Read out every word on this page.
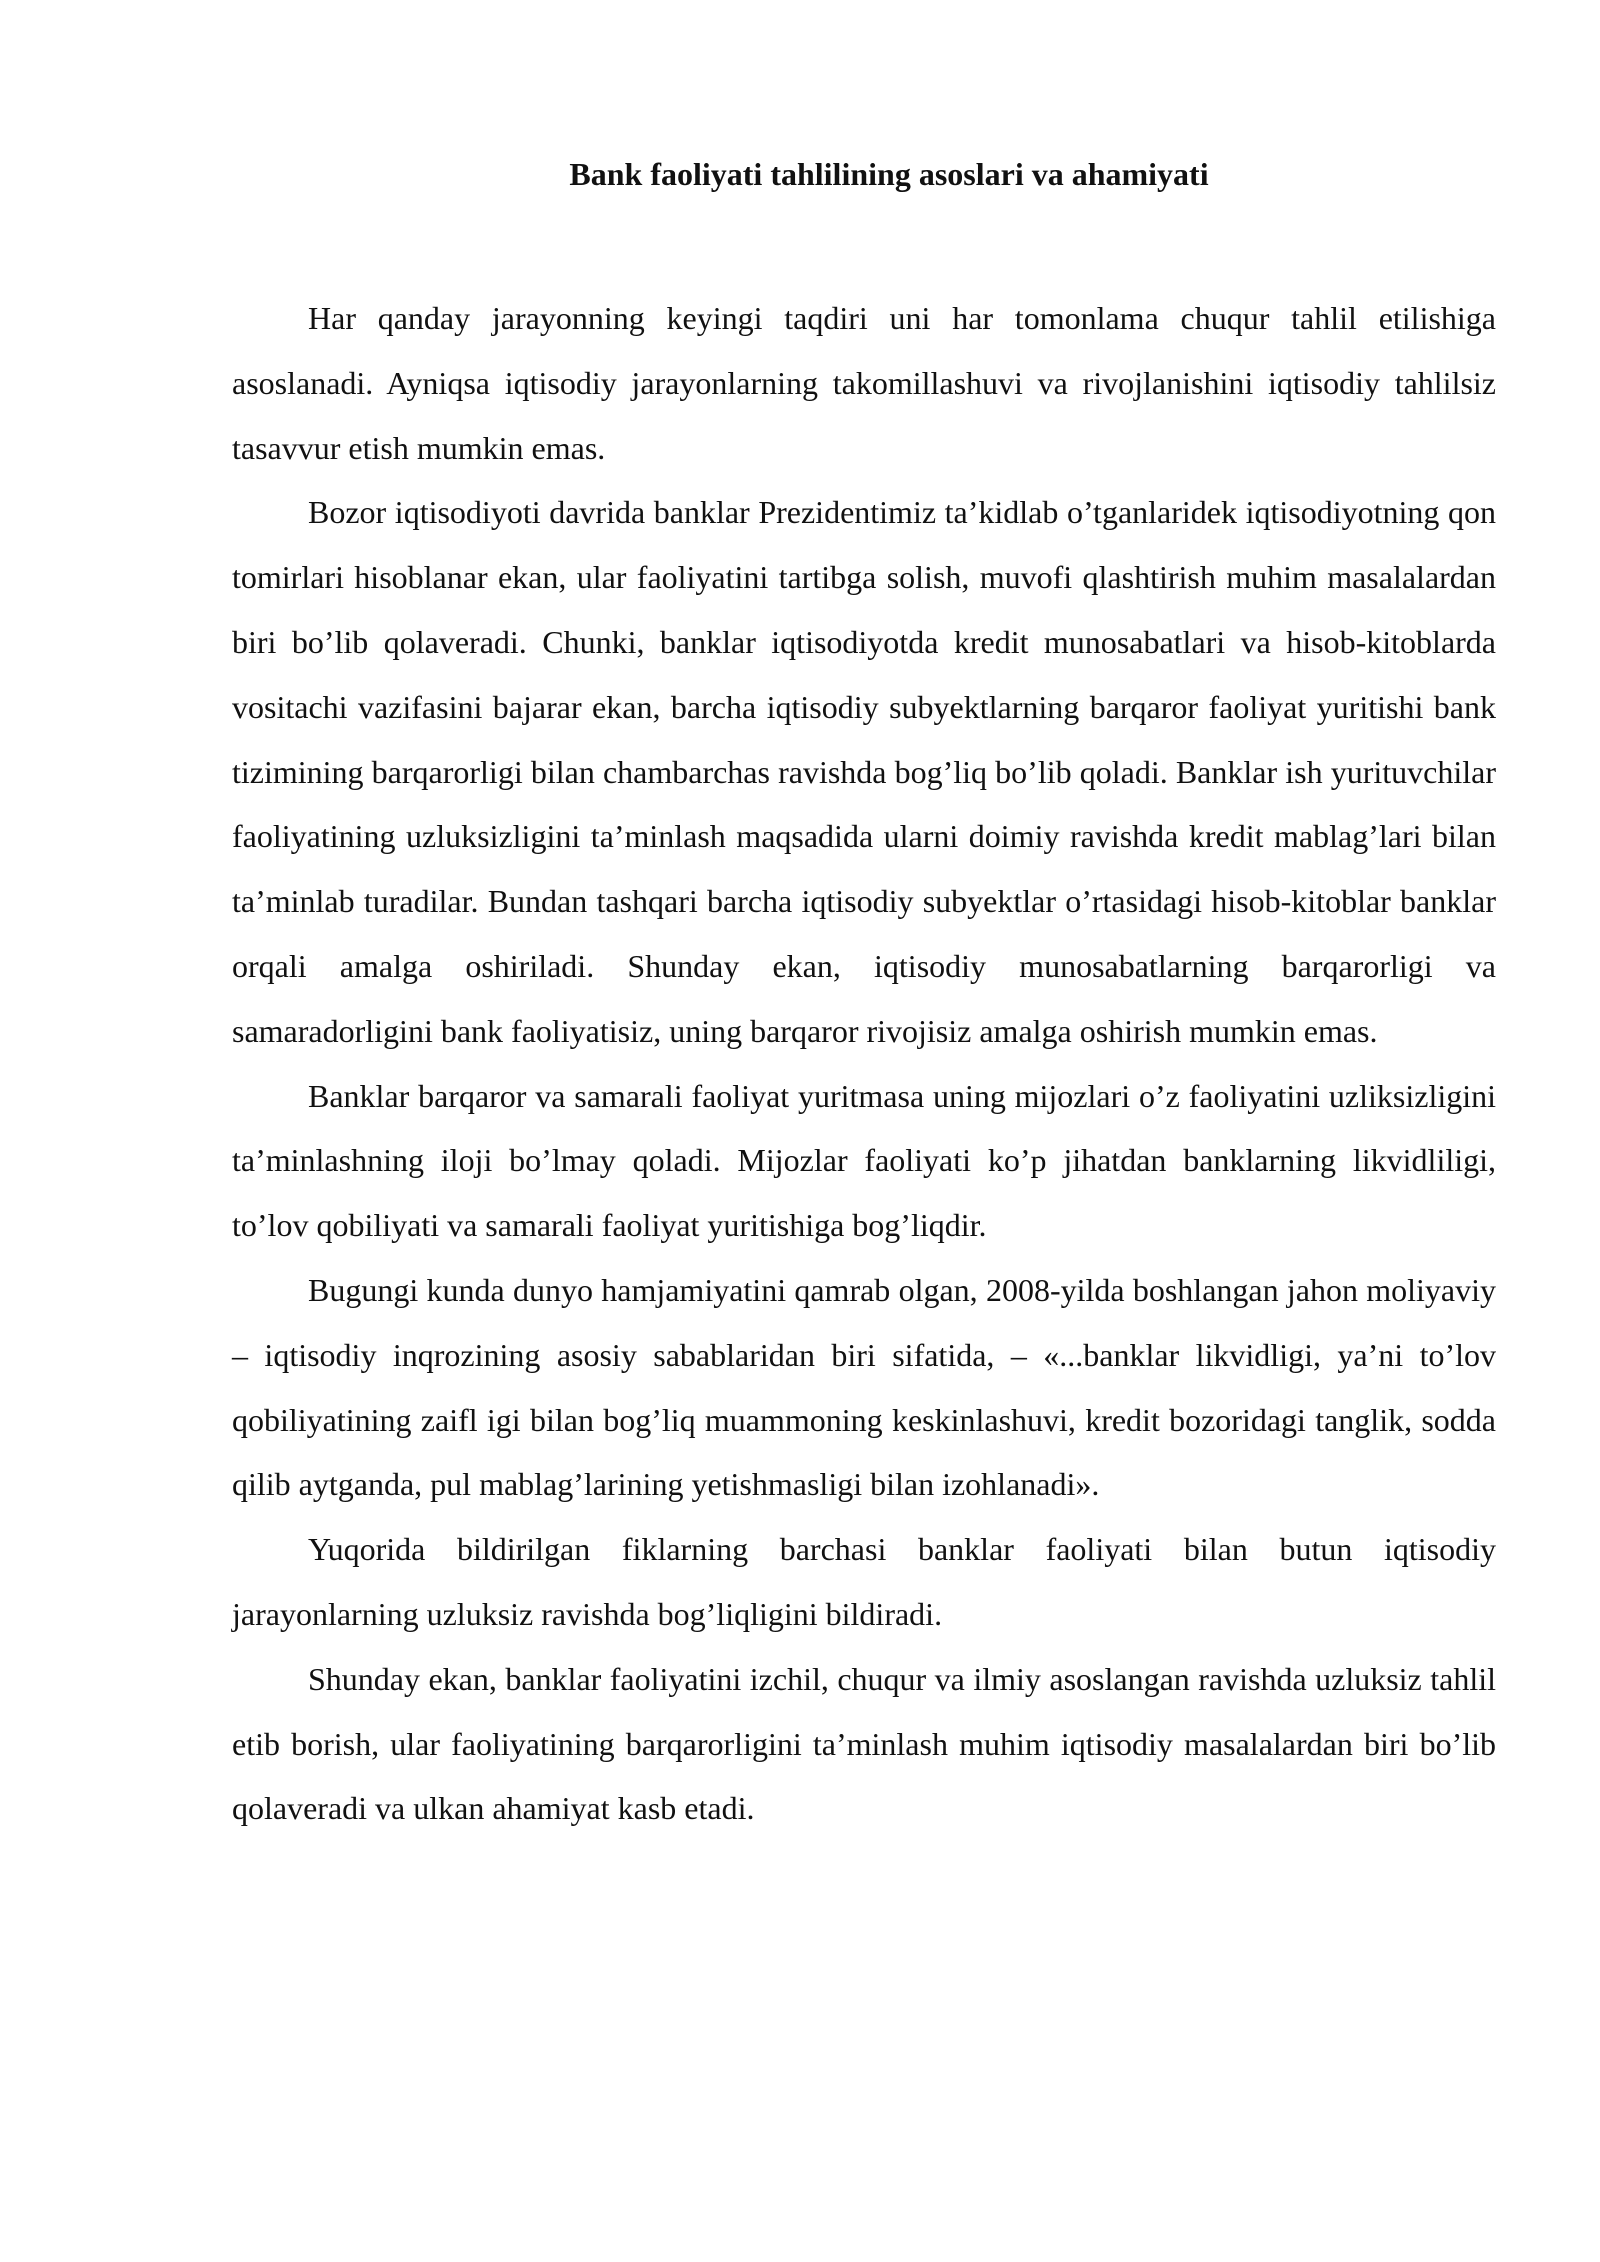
Bank faoliyati tahlilining asoslari va ahamiyati

Har qanday jarayonning keyingi taqdiri uni har tomonlama chuqur tahlil etilishiga asoslanadi. Ayniqsa iqtisodiy jarayonlarning takomillashuvi va rivojlanishini iqtisodiy tahlilsiz tasavvur etish mumkin emas.

Bozor iqtisodiyoti davrida banklar Prezidentimiz ta’kidlab o’tganlaridek iqtisodiyotning qon tomirlari hisoblanar ekan, ular faoliyatini tartibga solish, muvofi qlashtirish muhim masalalardan biri bo’lib qolaveradi. Chunki, banklar iqtisodiyotda kredit munosabatlari va hisob-kitoblarda vositachi vazifasini bajarar ekan, barcha iqtisodiy subyektlarning barqaror faoliyat yuritishi bank tizimining barqarorligi bilan chambarchas ravishda bog’liq bo’lib qoladi. Banklar ish yurituvchilar faoliyatining uzluksizligini ta’minlash maqsadida ularni doimiy ravishda kredit mablag’lari bilan ta’minlab turadilar. Bundan tashqari barcha iqtisodiy subyektlar o’rtasidagi hisob-kitoblar banklar orqali amalga oshiriladi. Shunday ekan, iqtisodiy munosabatlarning barqarorligi va samaradorligini bank faoliyatisiz, uning barqaror rivojisiz amalga oshirish mumkin emas.

Banklar barqaror va samarali faoliyat yuritmasa uning mijozlari o’z faoliyatini uzliksizligini ta’minlashning iloji bo’lmay qoladi. Mijozlar faoliyati ko’p jihatdan banklarning likvidliligi, to’lov qobiliyati va samarali faoliyat yuritishiga bog’liqdir.

Bugungi kunda dunyo hamjamiyatini qamrab olgan, 2008-yilda boshlangan jahon moliyaviy – iqtisodiy inqrozining asosiy sabablaridan biri sifatida, – «...banklar likvidligi, ya’ni to’lov qobiliyatining zaifl igi bilan bog’liq muammoning keskinlashuvi, kredit bozoridagi tanglik, sodda qilib aytganda, pul mablag’larining yetishmasligi bilan izohlanadi».

Yuqorida bildirilgan fiklarning barchasi banklar faoliyati bilan butun iqtisodiy jarayonlarning uzluksiz ravishda bog’liqligini bildiradi.

Shunday ekan, banklar faoliyatini izchil, chuqur va ilmiy asoslangan ravishda uzluksiz tahlil etib borish, ular faoliyatining barqarorligini ta’minlash muhim iqtisodiy masalalardan biri bo’lib qolaveradi va ulkan ahamiyat kasb etadi.
